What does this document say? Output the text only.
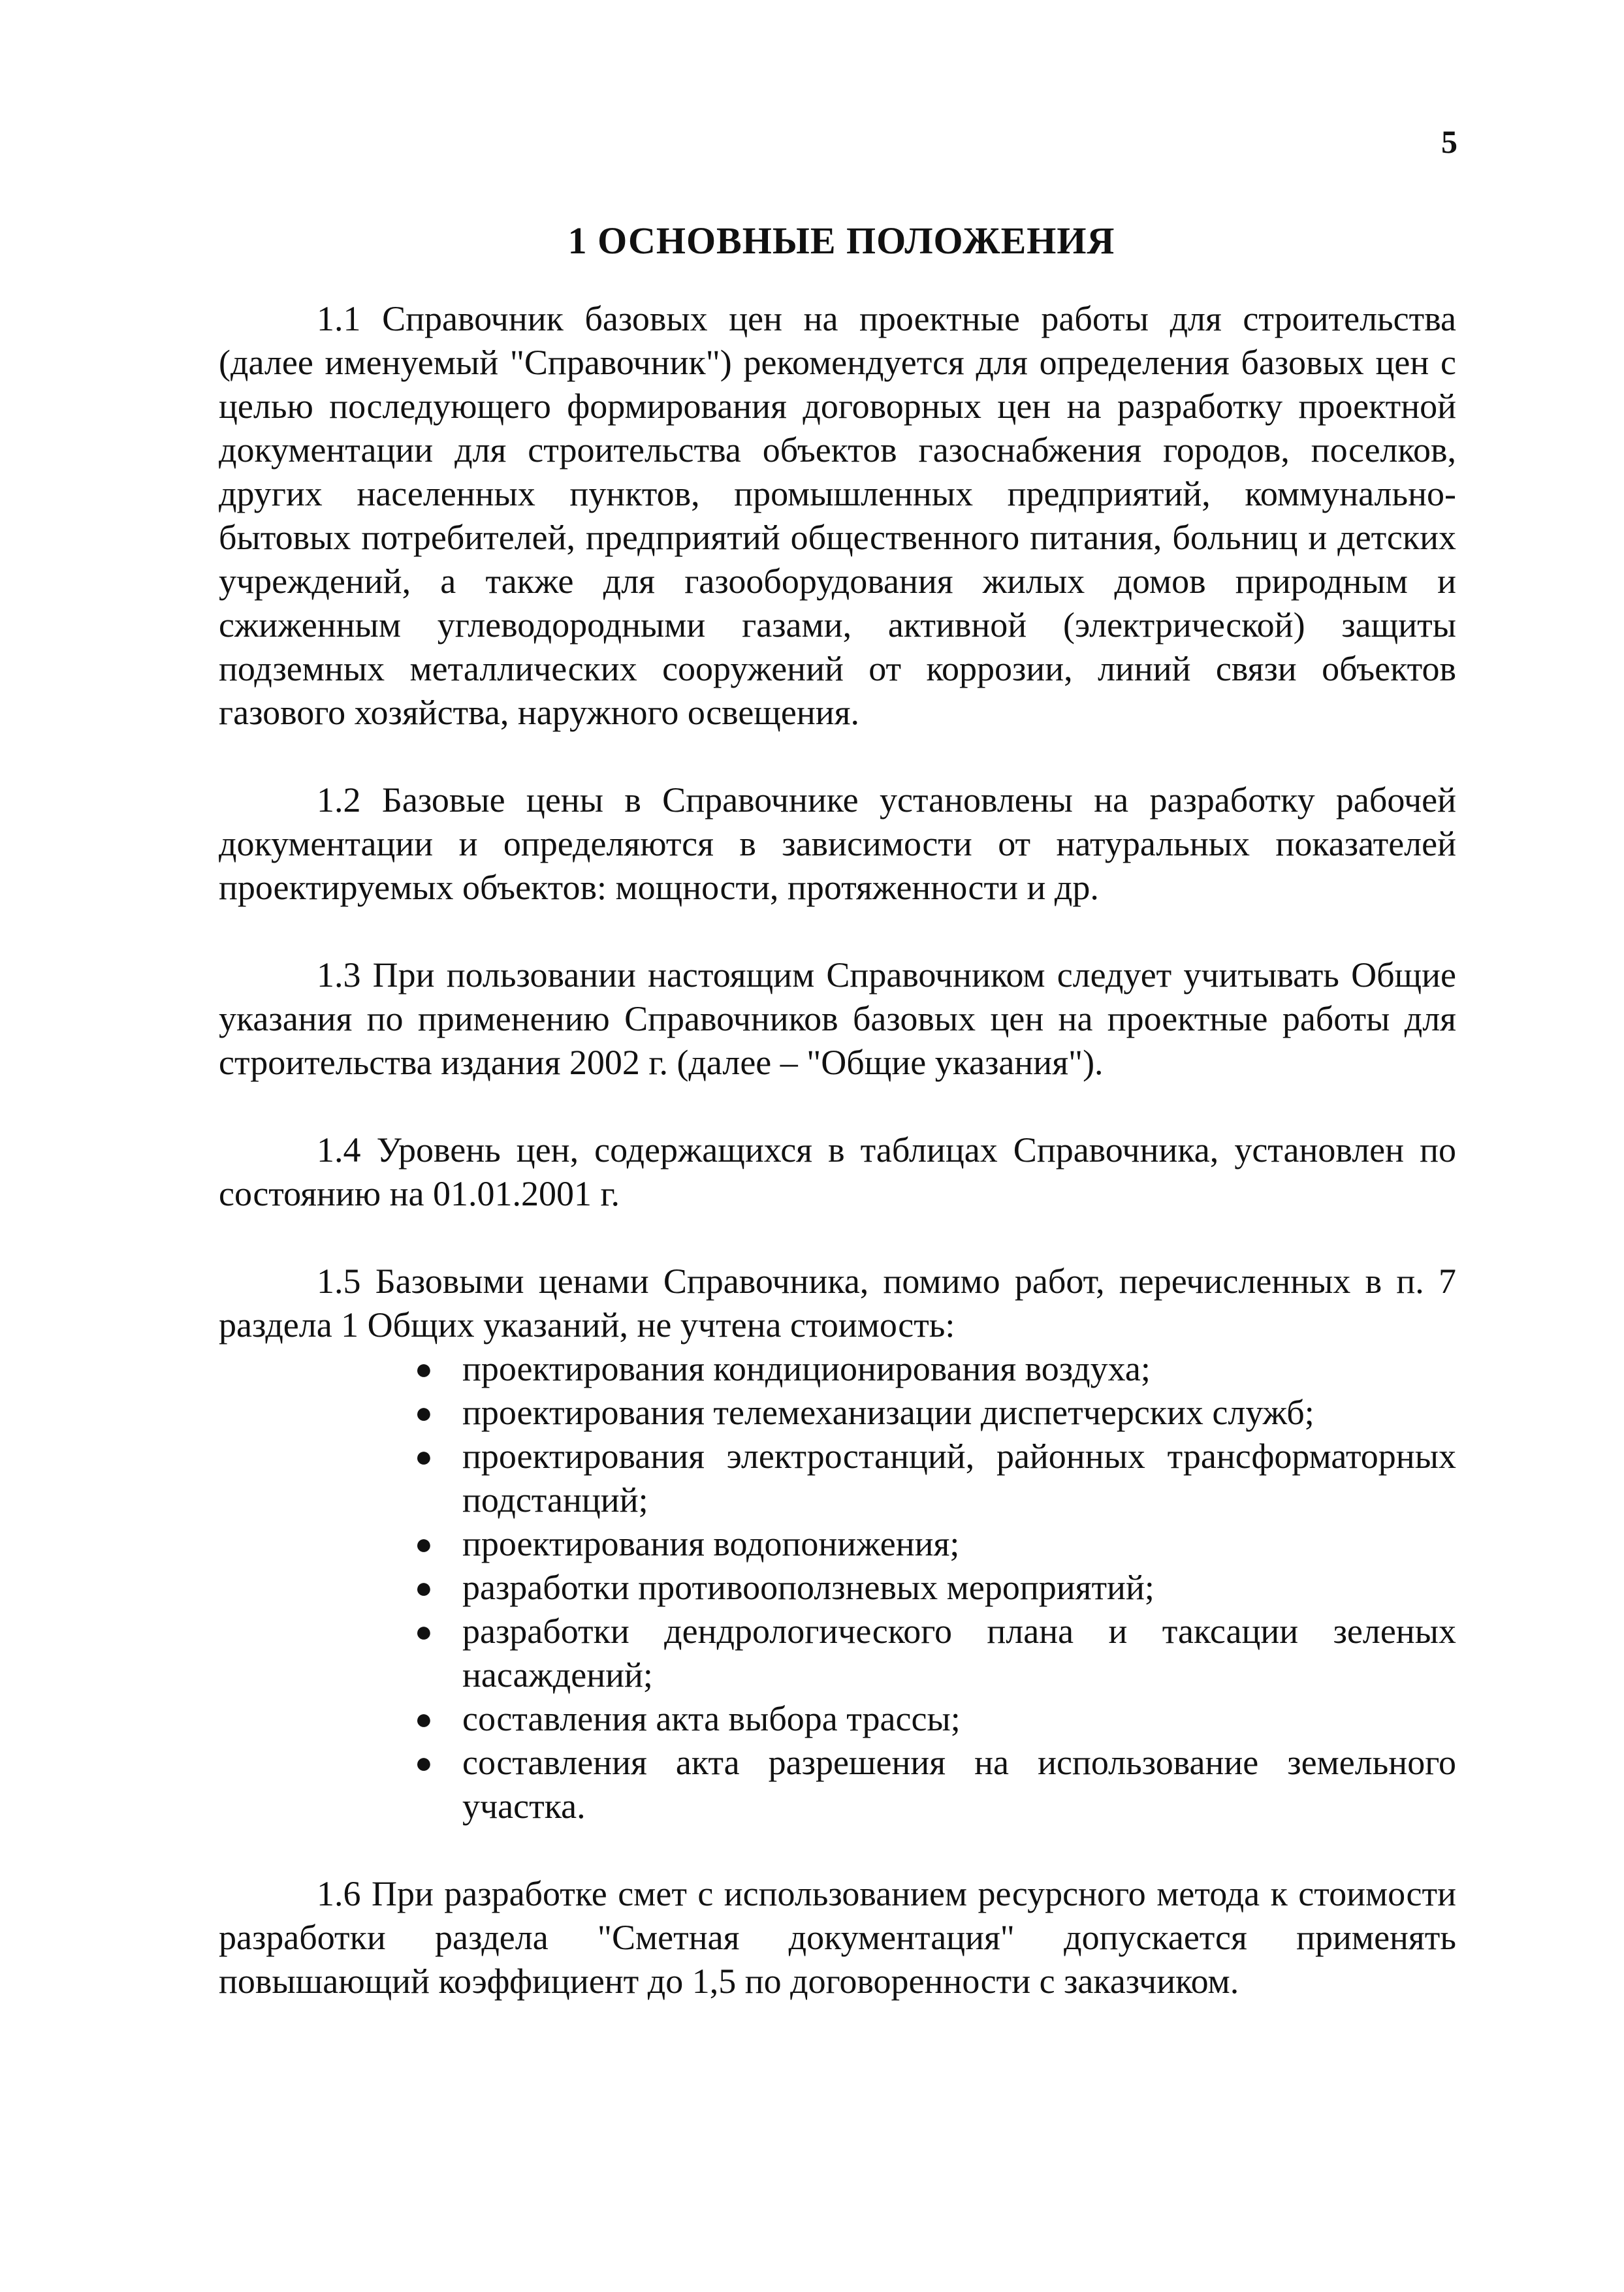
5
1 ОСНОВНЫЕ ПОЛОЖЕНИЯ

1.1 Справочник базовых цен на проектные работы для строительства (далее именуемый "Справочник") рекомендуется для определения базовых цен с целью последующего формирования договорных цен на разработку проектной документации для строительства объектов газоснабжения городов, поселков, других населенных пунктов, промышленных предприятий, коммунально-бытовых потребителей, предприятий общественного питания, больниц и детских учреждений, а также для газооборудования жилых домов природным и сжиженным углеводородными газами, активной (электрической) защиты подземных металлических сооружений от коррозии, линий связи объектов газового хозяйства, наружного освещения.

1.2 Базовые цены в Справочнике установлены на разработку рабочей документации и определяются в зависимости от натуральных показателей проектируемых объектов: мощности, протяженности и др.

1.3 При пользовании настоящим Справочником следует учитывать Общие указания по применению Справочников базовых цен на проектные работы для строительства издания 2002 г. (далее – "Общие указания").

1.4 Уровень цен, содержащихся в таблицах Справочника, установлен по состоянию на 01.01.2001 г.

1.5 Базовыми ценами Справочника, помимо работ, перечисленных в п. 7 раздела 1 Общих указаний, не учтена стоимость:

● проектирования кондиционирования воздуха;
● проектирования телемеханизации диспетчерских служб;
● проектирования электростанций, районных трансформаторных подстанций;
● проектирования водопонижения;
● разработки противооползневых мероприятий;
● разработки дендрологического плана и таксации зеленых насаждений;
● составления акта выбора трассы;
● составления акта разрешения на использование земельного участка.

1.6 При разработке смет с использованием ресурсного метода к стоимости разработки раздела "Сметная документация" допускается применять повышающий коэффициент до 1,5 по договоренности с заказчиком.
